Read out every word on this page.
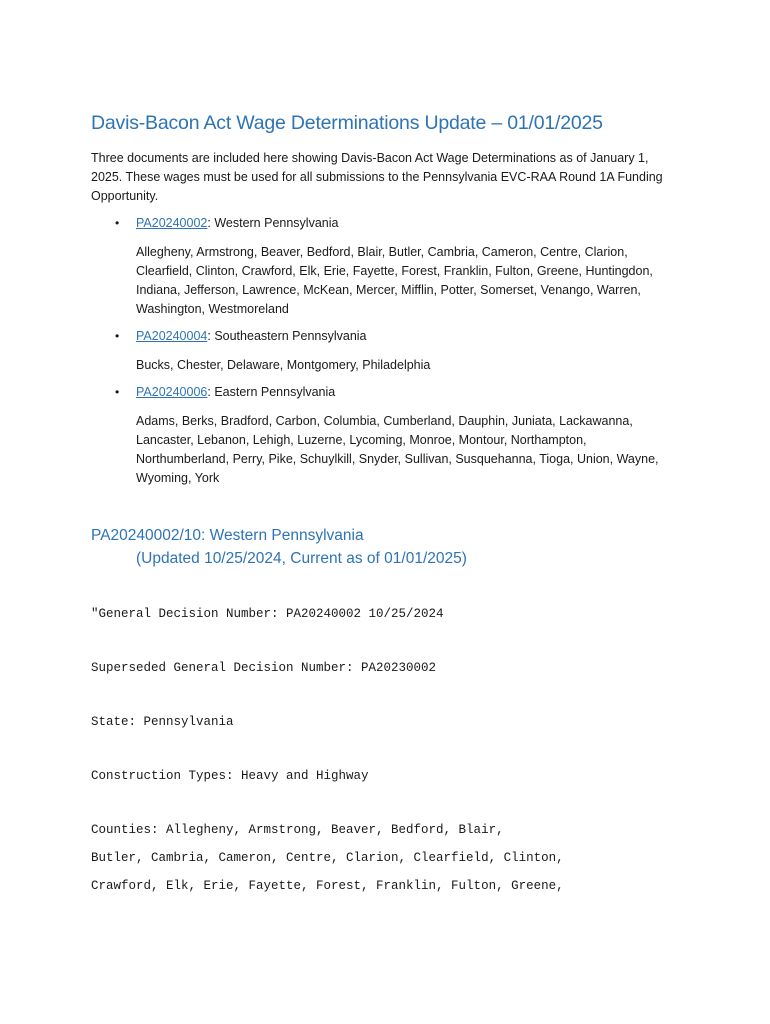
Davis-Bacon Act Wage Determinations Update – 01/01/2025

Three documents are included here showing Davis-Bacon Act Wage Determinations as of January 1, 2025. These wages must be used for all submissions to the Pennsylvania EVC-RAA Round 1A Funding Opportunity.

• PA20240002: Western Pennsylvania
Allegheny, Armstrong, Beaver, Bedford, Blair, Butler, Cambria, Cameron, Centre, Clarion, Clearfield, Clinton, Crawford, Elk, Erie, Fayette, Forest, Franklin, Fulton, Greene, Huntingdon, Indiana, Jefferson, Lawrence, McKean, Mercer, Mifflin, Potter, Somerset, Venango, Warren, Washington, Westmoreland
• PA20240004: Southeastern Pennsylvania
Bucks, Chester, Delaware, Montgomery, Philadelphia
• PA20240006: Eastern Pennsylvania
Adams, Berks, Bradford, Carbon, Columbia, Cumberland, Dauphin, Juniata, Lackawanna, Lancaster, Lebanon, Lehigh, Luzerne, Lycoming, Monroe, Montour, Northampton, Northumberland, Perry, Pike, Schuylkill, Snyder, Sullivan, Susquehanna, Tioga, Union, Wayne, Wyoming, York
PA20240002/10: Western Pennsylvania
(Updated 10/25/2024, Current as of 01/01/2025)
"General Decision Number: PA20240002 10/25/2024
Superseded General Decision Number: PA20230002
State: Pennsylvania
Construction Types: Heavy and Highway
Counties: Allegheny, Armstrong, Beaver, Bedford, Blair,
Butler, Cambria, Cameron, Centre, Clarion, Clearfield, Clinton,
Crawford, Elk, Erie, Fayette, Forest, Franklin, Fulton, Greene,
